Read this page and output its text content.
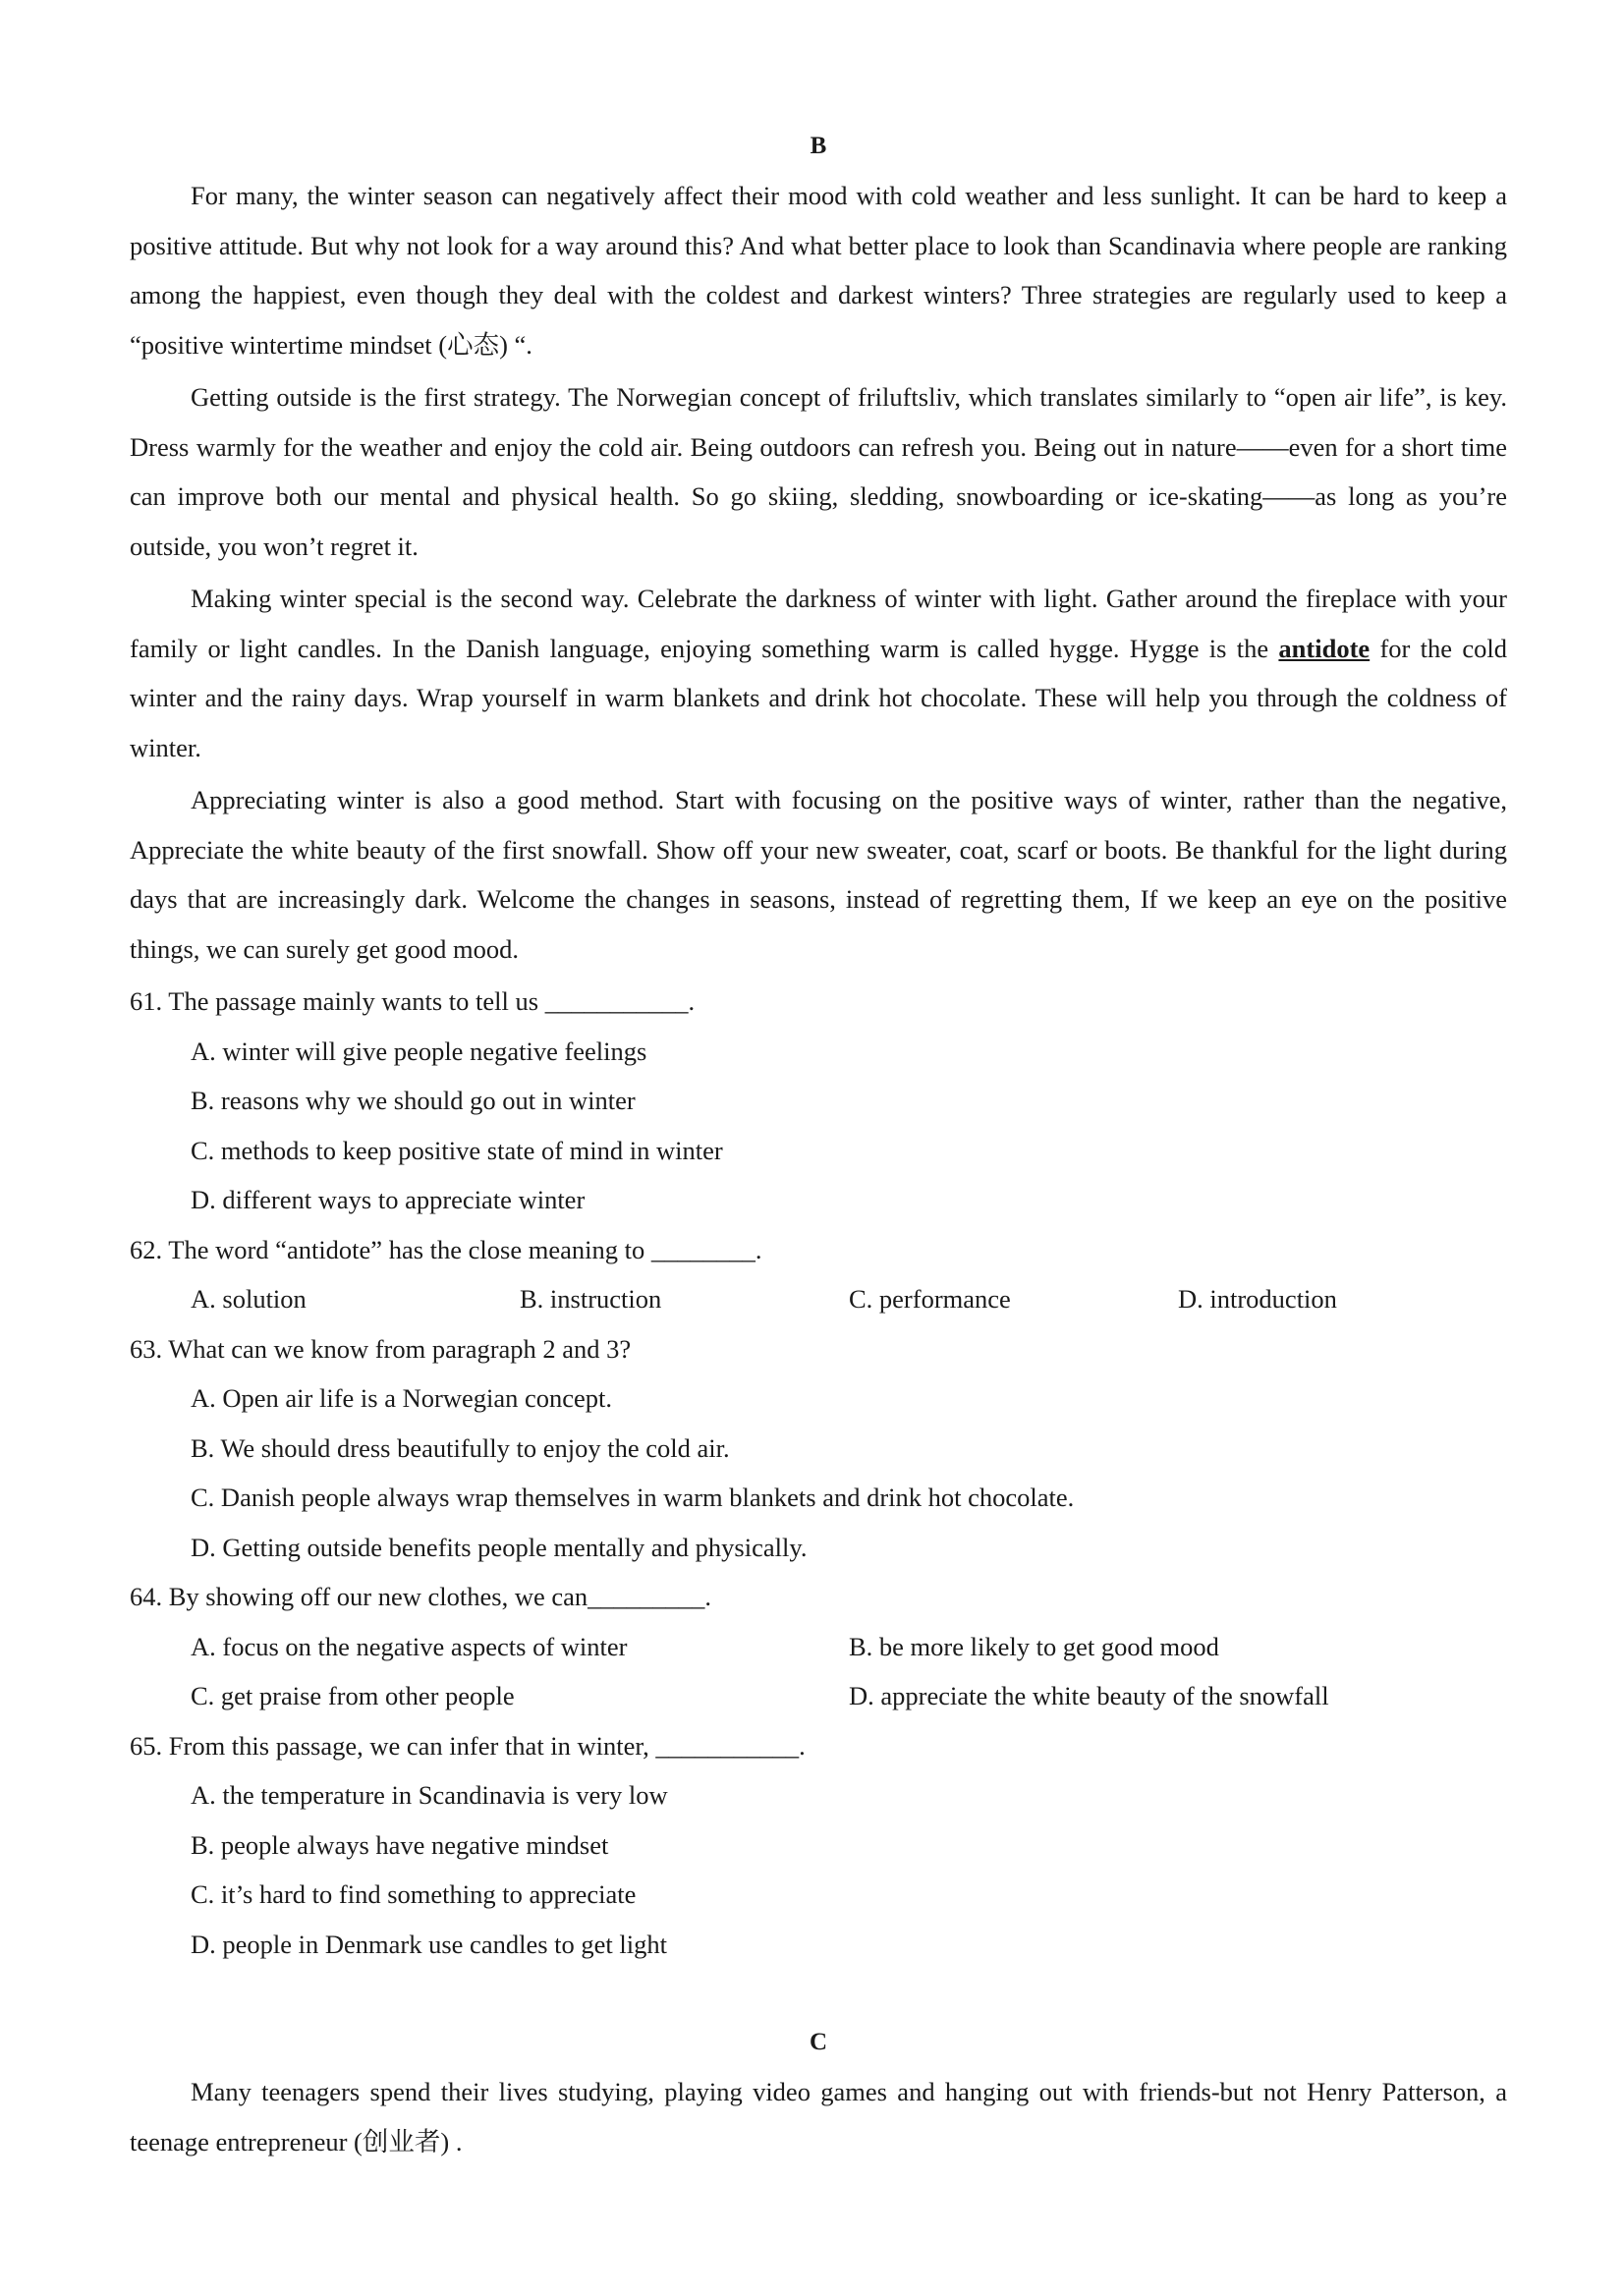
B

For many, the winter season can negatively affect their mood with cold weather and less sunlight. It can be hard to keep a positive attitude. But why not look for a way around this? And what better place to look than Scandinavia where people are ranking among the happiest, even though they deal with the coldest and darkest winters? Three strategies are regularly used to keep a “positive wintertime mindset (心态) “.

Getting outside is the first strategy. The Norwegian concept of friluftsliv, which translates similarly to “open air life”, is key. Dress warmly for the weather and enjoy the cold air. Being outdoors can refresh you. Being out in nature——even for a short time can improve both our mental and physical health. So go skiing, sledding, snowboarding or ice-skating——as long as you’re outside, you won’t regret it.

Making winter special is the second way. Celebrate the darkness of winter with light. Gather around the fireplace with your family or light candles. In the Danish language, enjoying something warm is called hygge. Hygge is the antidote for the cold winter and the rainy days. Wrap yourself in warm blankets and drink hot chocolate. These will help you through the coldness of winter.

Appreciating winter is also a good method. Start with focusing on the positive ways of winter, rather than the negative, Appreciate the white beauty of the first snowfall. Show off your new sweater, coat, scarf or boots. Be thankful for the light during days that are increasingly dark. Welcome the changes in seasons, instead of regretting them, If we keep an eye on the positive things, we can surely get good mood.

61. The passage mainly wants to tell us ___________.

A. winter will give people negative feelings
B. reasons why we should go out in winter
C. methods to keep positive state of mind in winter
D. different ways to appreciate winter

62. The word “antidote” has the close meaning to ________.

A. solution	B. instruction	C. performance	D. introduction

63. What can we know from paragraph 2 and 3?

A. Open air life is a Norwegian concept.
B. We should dress beautifully to enjoy the cold air.
C. Danish people always wrap themselves in warm blankets and drink hot chocolate.
D. Getting outside benefits people mentally and physically.

64. By showing off our new clothes, we can_________.

A. focus on the negative aspects of winter	B. be more likely to get good mood
C. get praise from other people	D. appreciate the white beauty of the snowfall

65. From this passage, we can infer that in winter, ___________.

A. the temperature in Scandinavia is very low
B. people always have negative mindset
C. it’s hard to find something to appreciate
D. people in Denmark use candles to get light
C

Many teenagers spend their lives studying, playing video games and hanging out with friends-but not Henry Patterson, a teenage entrepreneur (创业者) .
